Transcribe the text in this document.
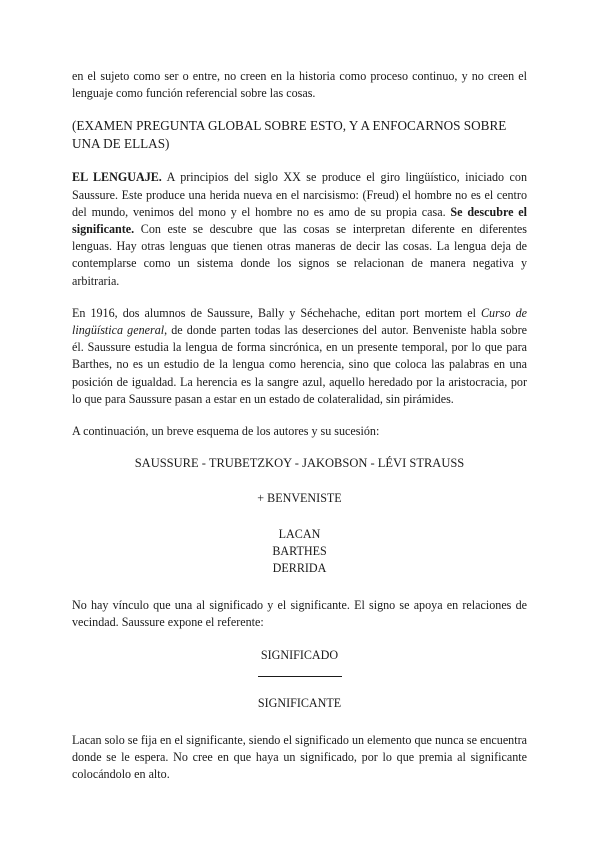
en el sujeto como ser o entre, no creen en la historia como proceso continuo, y no creen el lenguaje como función referencial sobre las cosas.

(EXAMEN PREGUNTA GLOBAL SOBRE ESTO, Y A ENFOCARNOS SOBRE UNA DE ELLAS)

EL LENGUAJE. A principios del siglo XX se produce el giro lingüístico, iniciado con Saussure. Este produce una herida nueva en el narcisismo: (Freud) el hombre no es el centro del mundo, venimos del mono y el hombre no es amo de su propia casa. Se descubre el significante. Con este se descubre que las cosas se interpretan diferente en diferentes lenguas. Hay otras lenguas que tienen otras maneras de decir las cosas. La lengua deja de contemplarse como un sistema donde los signos se relacionan de manera negativa y arbitraria.

En 1916, dos alumnos de Saussure, Bally y Séchehache, editan port mortem el Curso de lingüística general, de donde parten todas las deserciones del autor. Benveniste habla sobre él. Saussure estudia la lengua de forma sincrónica, en un presente temporal, por lo que para Barthes, no es un estudio de la lengua como herencia, sino que coloca las palabras en una posición de igualdad. La herencia es la sangre azul, aquello heredado por la aristocracia, por lo que para Saussure pasan a estar en un estado de colateralidad, sin pirámides.

A continuación, un breve esquema de los autores y su sucesión:

SAUSSURE - TRUBETZKOY - JAKOBSON - LÉVI STRAUSS
+ BENVENISTE
LACAN
BARTHES
DERRIDA

No hay vínculo que una al significado y el significante. El signo se apoya en relaciones de vecindad. Saussure expone el referente:

SIGNIFICADO
SIGNIFICANTE

Lacan solo se fija en el significante, siendo el significado un elemento que nunca se encuentra donde se le espera. No cree en que haya un significado, por lo que premia al significante colocándolo en alto.
